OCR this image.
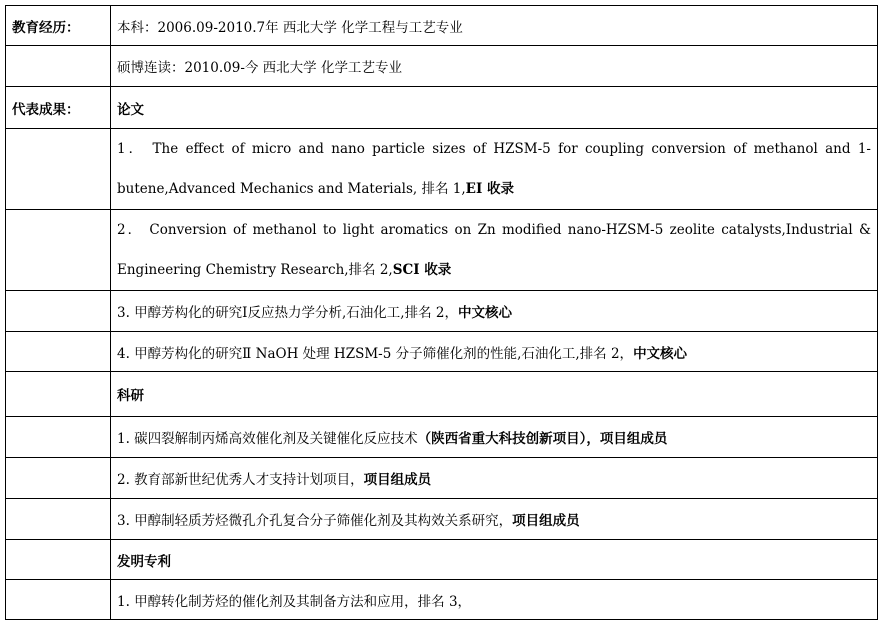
教育经历：	本科：2006.09-2010.7年 西北大学 化学工程与工艺专业
	硕博连读：2010.09-今 西北大学 化学工艺专业
代表成果：	论文
	1． The effect of micro and nano particle sizes of HZSM-5 for coupling conversion of methanol and 1-butene,Advanced Mechanics and Materials, 排名 1,EI 收录
	2． Conversion of methanol to light aromatics on Zn modified nano-HZSM-5 zeolite catalysts,Industrial & Engineering Chemistry Research,排名 2,SCI 收录
	3. 甲醇芳构化的研究Ⅰ反应热力学分析,石油化工,排名 2，中文核心
	4. 甲醇芳构化的研究Ⅱ NaOH 处理 HZSM-5 分子筛催化剂的性能,石油化工,排名 2，中文核心
	科研
	1. 碳四裂解制丙烯高效催化剂及关键催化反应技术（陕西省重大科技创新项目），项目组成员
	2. 教育部新世纪优秀人才支持计划项目，项目组成员
	3. 甲醇制轻质芳烃微孔介孔复合分子筛催化剂及其构效关系研究，项目组成员
	发明专利
	1. 甲醇转化制芳烃的催化剂及其制备方法和应用，排名 3，
